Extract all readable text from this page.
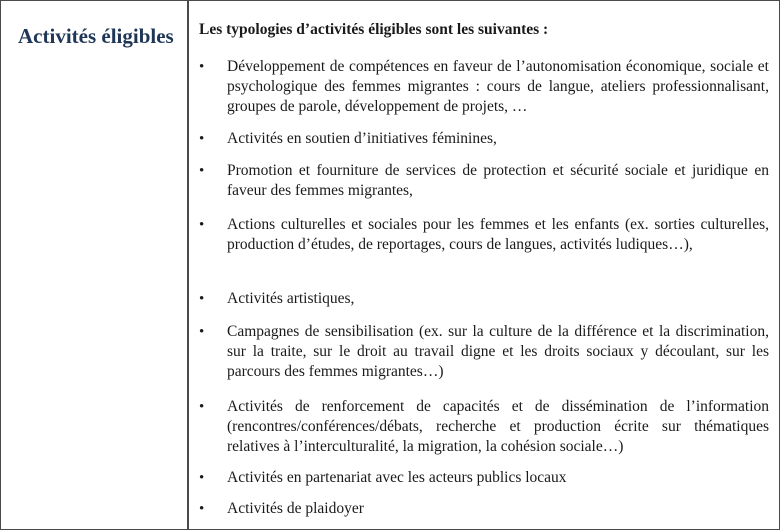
Activités éligibles Les typologies d’activités éligibles sont les suivantes :
•	Développement de compétences en faveur de l’autonomisation économique, sociale et psychologique des femmes migrantes : cours de langue, ateliers professionnalisant, groupes de parole, développement de projets, …
•	Activités en soutien d’initiatives féminines,
•	Promotion et fourniture de services de protection et sécurité sociale et juridique en faveur des femmes migrantes,
•	Actions culturelles et sociales pour les femmes et les enfants (ex. sorties culturelles, production d’études, de reportages, cours de langues, activités ludiques…),
•	Activités artistiques,
•	Campagnes de sensibilisation (ex. sur la culture de la différence et la discrimination, sur la traite, sur le droit au travail digne et les droits sociaux y découlant, sur les parcours des femmes migrantes…)
•	Activités de renforcement de capacités et de dissémination de l’information (rencontres/conférences/débats, recherche et production écrite sur thématiques relatives à l’interculturalité, la migration, la cohésion sociale…)
•	Activités en partenariat avec les acteurs publics locaux
•	Activités de plaidoyer
